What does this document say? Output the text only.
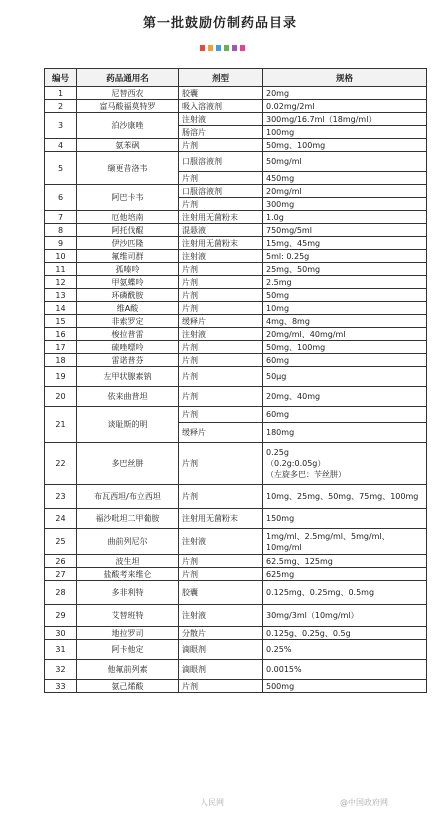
第一批鼓励仿制药品目录
编号	药品通用名	剂型	规格
1	尼替西农	胶囊	20mg
2	富马酸福莫特罗	吸入溶液剂	0.02mg/2ml
3	泊沙康唑	注射液	300mg/16.7ml（18mg/ml）
		肠溶片	100mg
4	氨苯砜	片剂	50mg、100mg
5	缬更昔洛韦	口服溶液剂	50mg/ml
		片剂	450mg
6	阿巴卡韦	口服溶液剂	20mg/ml
		片剂	300mg
7	厄他培南	注射用无菌粉末	1.0g
8	阿托伐醌	混悬液	750mg/5ml
9	伊沙匹隆	注射用无菌粉末	15mg、45mg
10	氟维司群	注射液	5ml: 0.25g
11	孤嗪呤	片剂	25mg、50mg
12	甲氨蝶呤	片剂	2.5mg
13	环磷酰胺	片剂	50mg
14	维A酸	片剂	10mg
15	非索罗定	缓释片	4mg、8mg
16	梭拉普雷	注射液	20mg/ml、40mg/ml
17	硫唑嘌呤	片剂	50mg、100mg
18	雷诺普芬	片剂	60mg
19	左甲状腺素钠	片剂	50μg
20	依来曲普坦	片剂	20mg、40mg
21	谈耻斯的明	片剂	60mg
		缓释片	180mg
22	多巴丝肼	片剂	0.25g
（0.2g:0.05g）
（左旋多巴：苄丝肼）
23	布瓦西坦/布立西坦	片剂	10mg、25mg、50mg、75mg、100mg
24	福沙吡坦二甲葡胺	注射用无菌粉末	150mg
25	曲前列尼尔	注射液	1mg/ml、2.5mg/ml、5mg/ml、10mg/ml
26	波生坦	片剂	62.5mg、125mg
27	盐酸考来维仑	片剂	625mg
28	多非利特	胶囊	0.125mg、0.25mg、0.5mg
29	艾替班特	注射液	30mg/3ml（10mg/ml）
30	地拉罗司	分散片	0.125g、0.25g、0.5g
31	阿卡他定	滴眼剂	0.25%
32	他氟前列素	滴眼剂	0.0015%
33	氨己烯酸	片剂	500mg
人民网	@中国政府网
